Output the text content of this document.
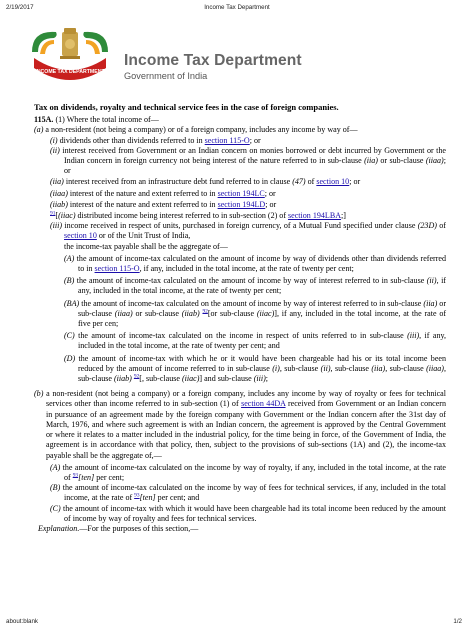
2/19/2017	Income Tax Department
INCOME TAX DEPARTMENT
Income Tax Department
Government of India

Tax on dividends, royalty and technical service fees in the case of foreign companies.

115A. (1) Where the total income of—

(a) a non-resident (not being a company) or of a foreign company, includes any income by way of—

(i) dividends other than dividends referred to in section 115-O; or

(ii) interest received from Government or an Indian concern on monies borrowed or debt incurred by Government or the Indian concern in foreign currency not being interest of the nature referred to in sub-clause (iia) or sub-clause (iiaa); or

(iia) interest received from an infrastructure debt fund referred to in clause (47) of section 10; or

(iiaa) interest of the nature and extent referred to in section 194LC; or

(iiab) interest of the nature and extent referred to in section 194LD; or

$^{91}$[(iiac) distributed income being interest referred to in sub-section (2) of section 194LBA;]

(iii) income received in respect of units, purchased in foreign currency, of a Mutual Fund specified under clause (23D) of section 10 or of the Unit Trust of India,

the income-tax payable shall be the aggregate of—

(A) the amount of income-tax calculated on the amount of income by way of dividends other than dividends referred to in section 115-O, if any, included in the total income, at the rate of twenty per cent;

(B) the amount of income-tax calculated on the amount of income by way of interest referred to in sub-clause (ii), if any, included in the total income, at the rate of twenty per cent;

(BA) the amount of income-tax calculated on the amount of income by way of interest referred to in sub-clause (iia) or sub-clause (iiaa) or sub-clause (iiab) $^{92}$[or sub-clause (iiac)], if any, included in the total income, at the rate of five per cen;

(C) the amount of income-tax calculated on the income in respect of units referred to in sub-clause (iii), if any, included in the total income, at the rate of twenty per cent; and

(D) the amount of income-tax with which he or it would have been chargeable had his or its total income been reduced by the amount of income referred to in sub-clause (i), sub-clause (ii), sub-clause (iia), sub-clause (iiaa), sub-clause (iiab) $^{92}$[, sub-clause (iiac)] and sub-clause (iii);

(b) a non-resident (not being a company) or a foreign company, includes any income by way of royalty or fees for technical services other than income referred to in sub-section (1) of section 44DA received from Government or an Indian concern in pursuance of an agreement made by the foreign company with Government or the Indian concern after the 31st day of March, 1976, and where such agreement is with an Indian concern, the agreement is approved by the Central Government or where it relates to a matter included in the industrial policy, for the time being in force, of the Government of India, the agreement is in accordance with that policy, then, subject to the provisions of sub-sections (1A) and (2), the income-tax payable shall be the aggregate of,—

(A) the amount of income-tax calculated on the income by way of royalty, if any, included in the total income, at the rate of $^{93}$[ten] per cent;

(B) the amount of income-tax calculated on the income by way of fees for technical services, if any, included in the total income, at the rate of $^{93}$[ten] per cent; and

(C) the amount of income-tax with which it would have been chargeable had its total income been reduced by the amount of income by way of royalty and fees for technical services.

Explanation.—For the purposes of this section,—

about:blank	1/2
